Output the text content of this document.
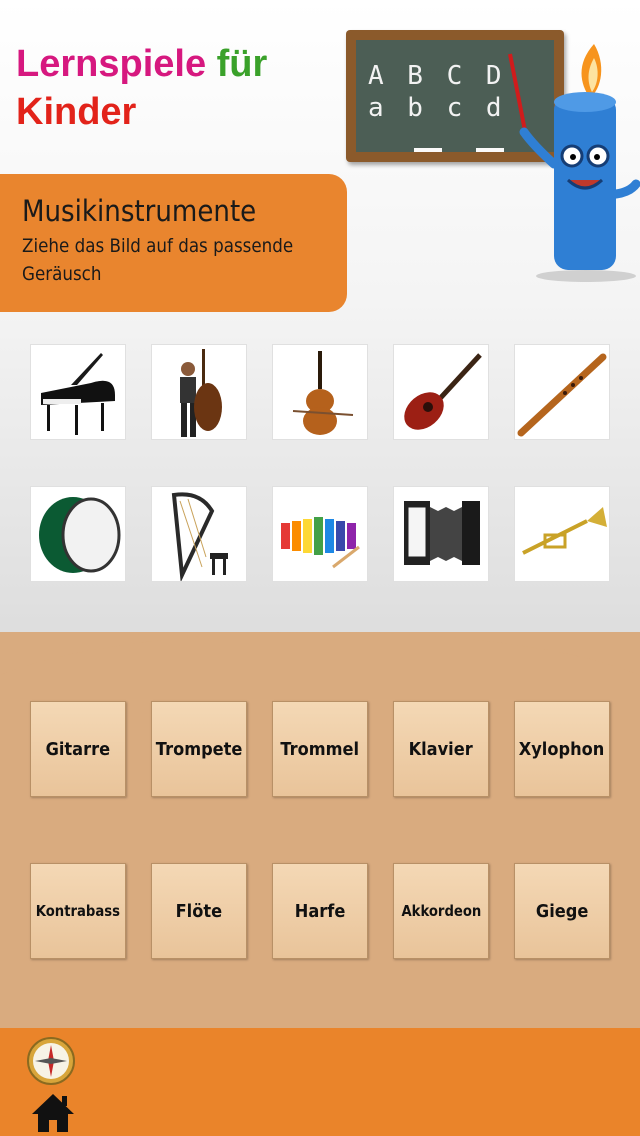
Lernspiele für
Kinder
A B C D
a b c d
Musikinstrumente

Ziehe das Bild auf das passende Geräusch

Gitarre	Trompete Trommel	Klavier	Xylophon
Kontrabass	Flöte	Harfe	Akkordeon	Giege
